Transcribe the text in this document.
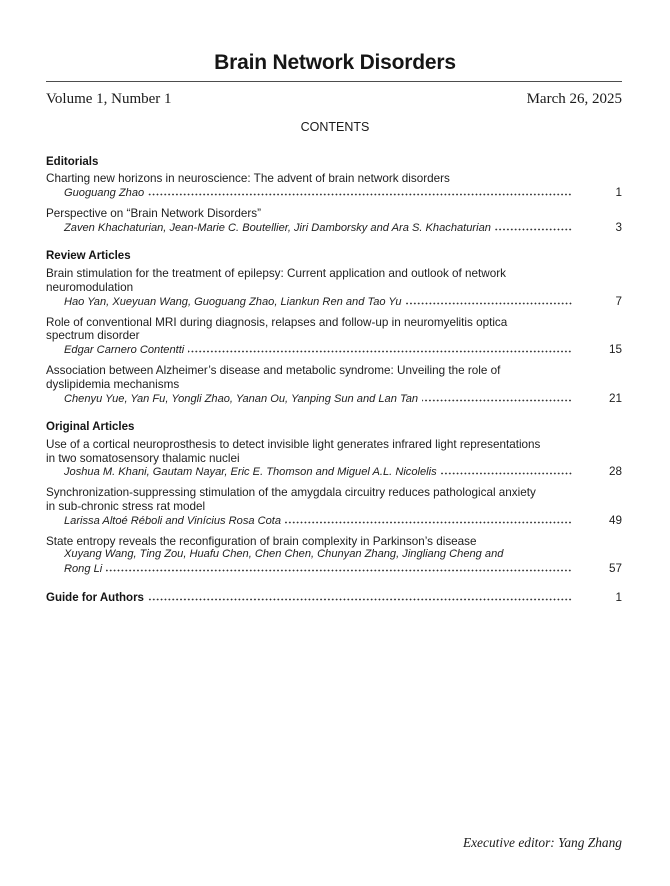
Brain Network Disorders
Volume 1, Number 1	March 26, 2025
CONTENTS
Editorials
Charting new horizons in neuroscience: The advent of brain network disorders
Guoguang Zhao	1
Perspective on “Brain Network Disorders”
Zaven Khachaturian, Jean-Marie C. Boutellier, Jiri Damborsky and Ara S. Khachaturian	3
Review Articles
Brain stimulation for the treatment of epilepsy: Current application and outlook of network
neuromodulation
Hao Yan, Xueyuan Wang, Guoguang Zhao, Liankun Ren and Tao Yu	7
Role of conventional MRI during diagnosis, relapses and follow-up in neuromyelitis optica
spectrum disorder
Edgar Carnero Contentti	15
Association between Alzheimer’s disease and metabolic syndrome: Unveiling the role of
dyslipidemia mechanisms
Chenyu Yue, Yan Fu, Yongli Zhao, Yanan Ou, Yanping Sun and Lan Tan	21
Original Articles
Use of a cortical neuroprosthesis to detect invisible light generates infrared light representations
in two somatosensory thalamic nuclei
Joshua M. Khani, Gautam Nayar, Eric E. Thomson and Miguel A.L. Nicolelis	28
Synchronization-suppressing stimulation of the amygdala circuitry reduces pathological anxiety
in sub-chronic stress rat model
Larissa Altoé Réboli and Vinícius Rosa Cota	49
State entropy reveals the reconfiguration of brain complexity in Parkinson’s disease
Xuyang Wang, Ting Zou, Huafu Chen, Chen Chen, Chunyan Zhang, Jingliang Cheng and
Rong Li	57
Guide for Authors	1
Executive editor: Yang Zhang
